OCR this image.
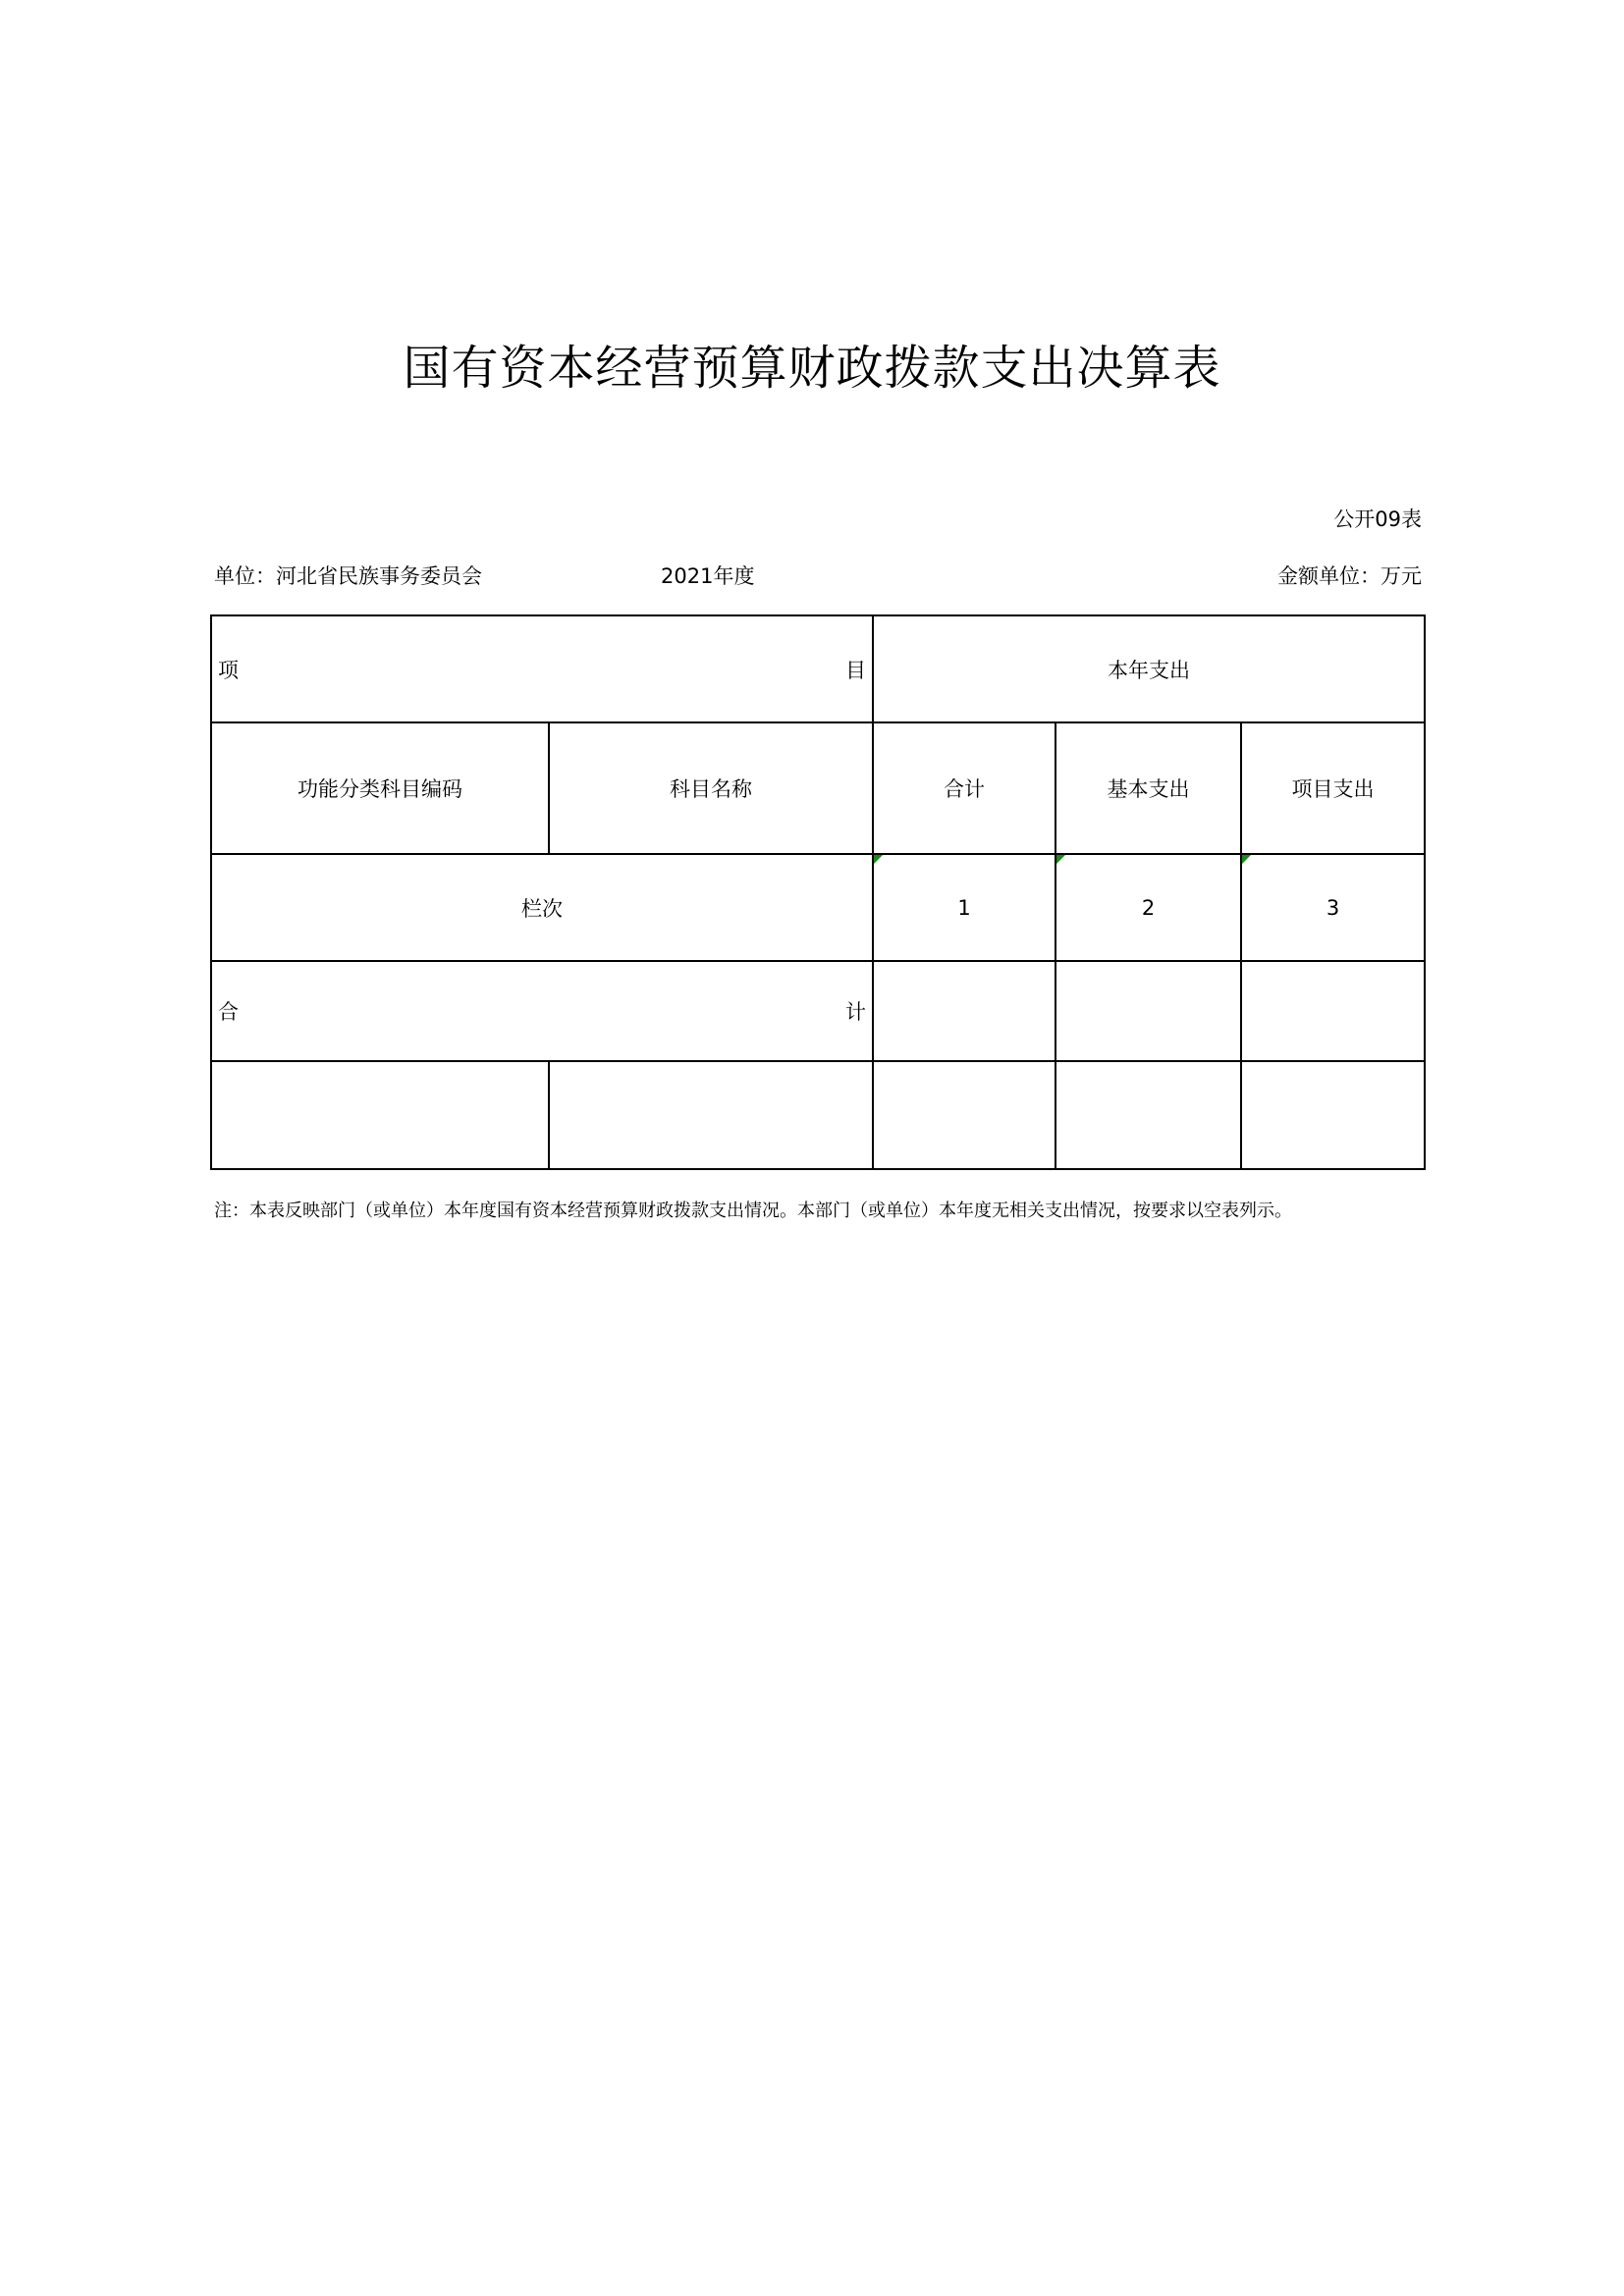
国有资本经营预算财政拨款支出决算表
公开09表
单位：河北省民族事务委员会	2021年度	金额单位：万元
项 目		本年支出		
功能分类科目编码	科目名称	合计	基本支出	项目支出
栏次		1	2	3

合 计				

注：本表反映部门（或单位）本年度国有资本经营预算财政拨款支出情况。本部门（或单位）本年度无相关支出情况，按要求以空表列示。
